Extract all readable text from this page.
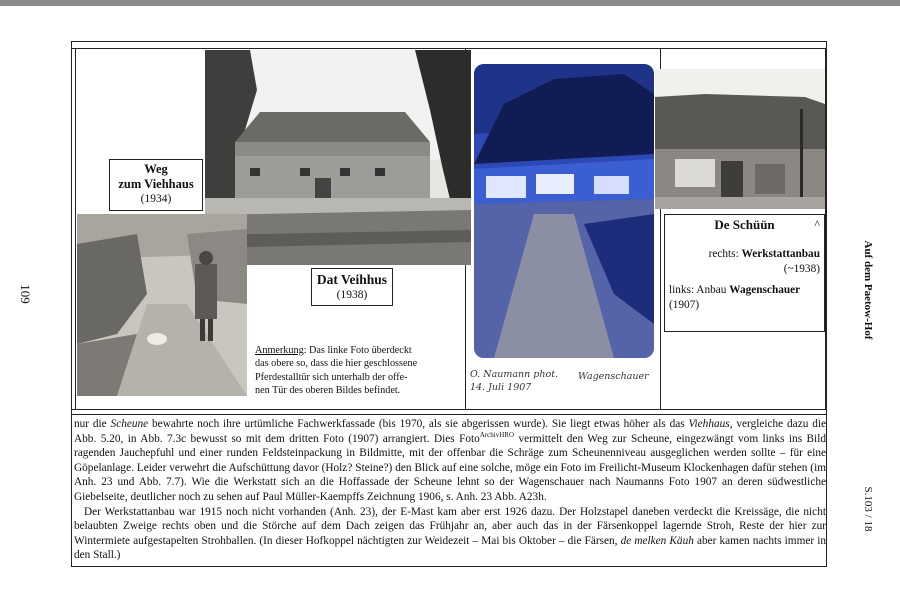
109	Auf dem Paetow-Hof
S.103 / 18
Weg
zum Viehhaus
(1934)
Dat Veihhus
(1938)
Anmerkung: Das linke Foto überdeckt
das obere so, dass die hier geschlossene
Pferdestalltür sich unterhalb der offe-
nen Tür des oberen Bildes befindet.
O. Naumann phot.
14. Juli 1907
Wagenschauer
De Schüün	^
rechts: Werkstattanbau
(~1938)
links: Anbau Wagenschauer
(1907)

nur die Scheune bewahrte noch ihre urtümliche Fachwerkfassade (bis 1970, als sie abgerissen wurde). Sie liegt etwas höher als das Viehhaus, vergleiche dazu die Abb. 5.20, in Abb. 7.3c bewusst so mit dem dritten Foto (1907) arrangiert. Dies Foto$^{ArchivHRO}$ vermittelt den Weg zur Scheune, eingezwängt vom links ins Bild ragenden Jauchepfuhl und einer runden Feldsteinpackung in Bildmitte, mit der offenbar die Schräge zum Scheunenniveau ausgeglichen werden sollte – für eine Göpelanlage. Leider verwehrt die Aufschüttung davor (Holz? Steine?) den Blick auf eine solche, möge ein Foto im Freilicht-Museum Klockenhagen dafür stehen (im Anh. 23 und Abb. 7.7). Wie die Werkstatt sich an die Hoffassade der Scheune lehnt so der Wagenschauer nach Naumanns Foto 1907 an deren südwestliche Giebelseite, deutlicher noch zu sehen auf Paul Müller-Kaempffs Zeichnung 1906, s. Anh. 23 Abb. A23h.

Der Werkstattanbau war 1915 noch nicht vorhanden (Anh. 23), der E-Mast kam aber erst 1926 dazu. Der Holzstapel daneben verdeckt die Kreissäge, die nicht belaubten Zweige rechts oben und die Störche auf dem Dach zeigen das Frühjahr an, aber auch das in der Färsenkoppel lagernde Stroh, Reste der hier zur Wintermiete aufgestapelten Strohballen. (In dieser Hofkoppel nächtigten zur Weidezeit – Mai bis Oktober – die Färsen, de melken Käuh aber kamen nachts immer in den Stall.)
